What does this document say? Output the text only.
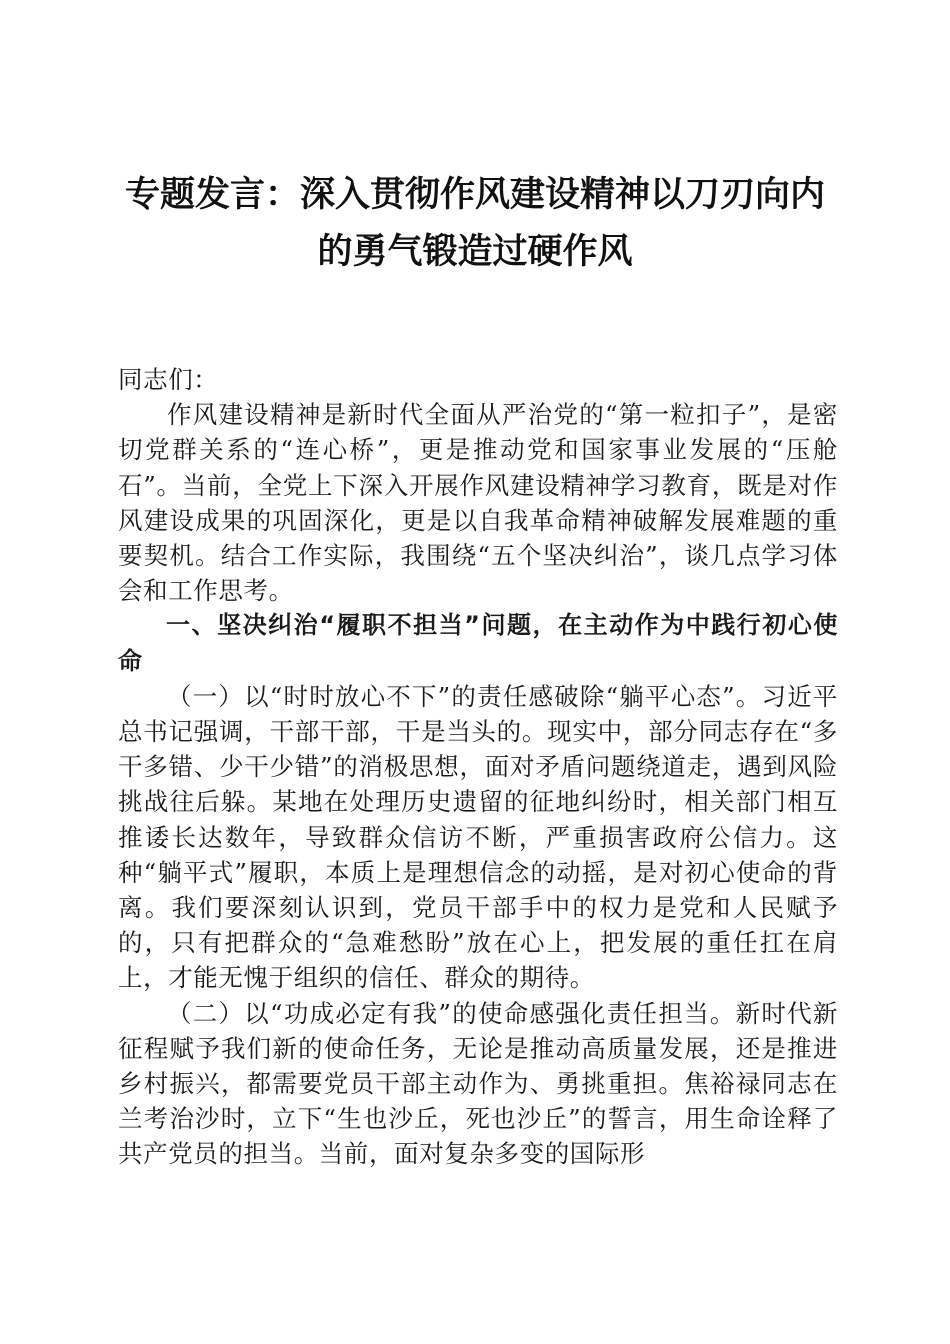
专题发言：深入贯彻作风建设精神以刀刃向内
的勇气锻造过硬作风

同志们：

作风建设精神是新时代全面从严治党的“第一粒扣子”，是密切党群关系的“连心桥”，更是推动党和国家事业发展的“压舱石”。当前，全党上下深入开展作风建设精神学习教育，既是对作风建设成果的巩固深化，更是以自我革命精神破解发展难题的重要契机。结合工作实际，我围绕“五个坚决纠治”，谈几点学习体会和工作思考。

一、坚决纠治“履职不担当”问题，在主动作为中践行初心使命

（一）以“时时放心不下”的责任感破除“躺平心态”。习近平总书记强调，干部干部，干是当头的。现实中，部分同志存在“多干多错、少干少错”的消极思想，面对矛盾问题绕道走，遇到风险挑战往后躲。某地在处理历史遗留的征地纠纷时，相关部门相互推诿长达数年，导致群众信访不断，严重损害政府公信力。这种“躺平式”履职，本质上是理想信念的动摇，是对初心使命的背离。我们要深刻认识到，党员干部手中的权力是党和人民赋予的，只有把群众的“急难愁盼”放在心上，把发展的重任扛在肩上，才能无愧于组织的信任、群众的期待。

（二）以“功成必定有我”的使命感强化责任担当。新时代新征程赋予我们新的使命任务，无论是推动高质量发展，还是推进乡村振兴，都需要党员干部主动作为、勇挑重担。焦裕禄同志在兰考治沙时，立下“生也沙丘，死也沙丘”的誓言，用生命诠释了共产党员的担当。当前，面对复杂多变的国际形
